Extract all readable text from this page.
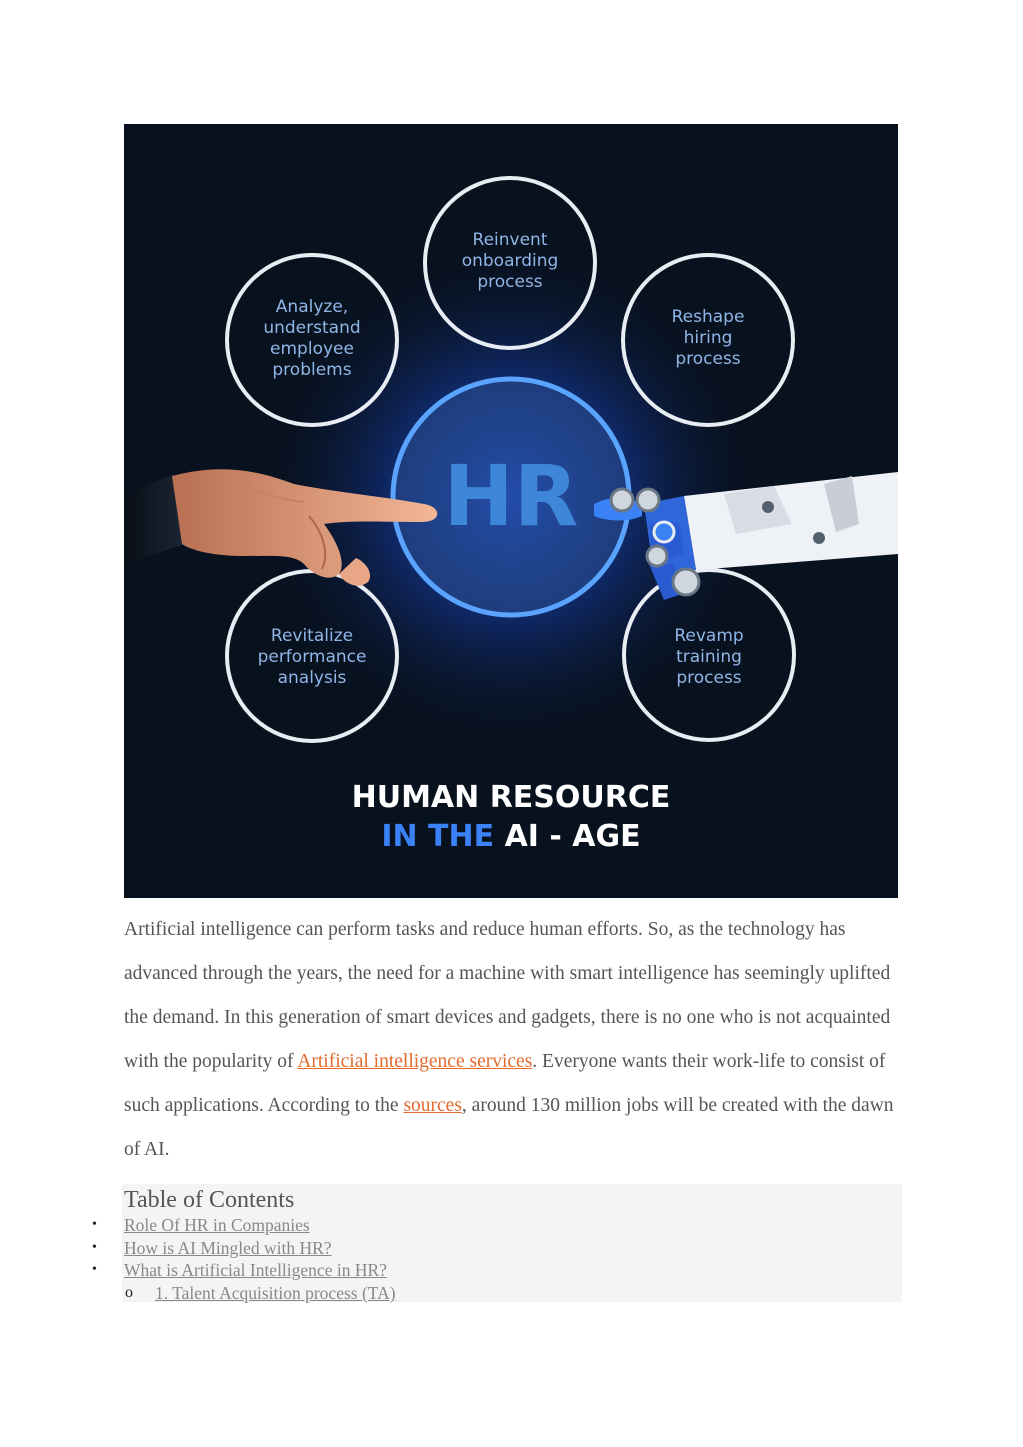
HR
Reinvent
onboarding
process
Analyze,
understand
employee
problems
Reshape
hiring
process
Revitalize
performance
analysis
Revamp
training
process
HUMAN RESOURCE
IN THE AI - AGE

Artificial intelligence can perform tasks and reduce human efforts. So, as the technology has advanced through the years, the need for a machine with smart intelligence has seemingly uplifted the demand. In this generation of smart devices and gadgets, there is no one who is not acquainted with the popularity of Artificial intelligence services. Everyone wants their work-life to consist of such applications. According to the sources, around 130 million jobs will be created with the dawn of AI.

Table of Contents
• Role Of HR in Companies
• How is AI Mingled with HR?
• What is Artificial Intelligence in HR?
o 1. Talent Acquisition process (TA)
